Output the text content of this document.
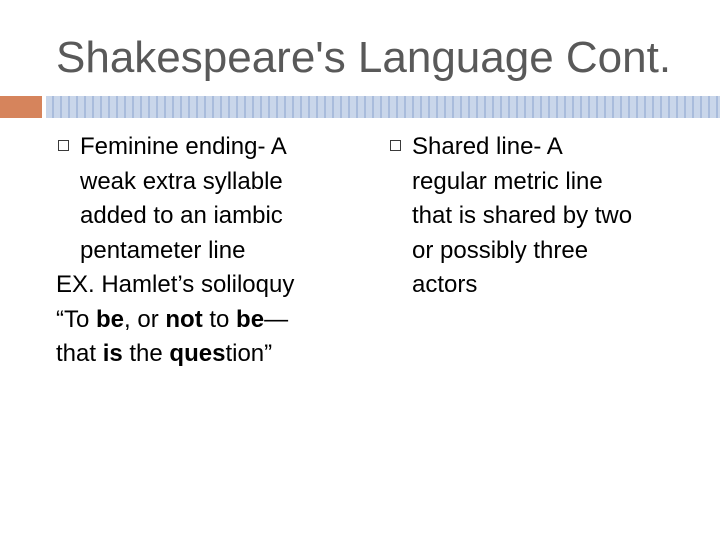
Shakespeare's Language Cont.
Feminine ending- A
weak extra syllable
added to an iambic
pentameter line
EX. Hamlet’s soliloquy
“To be, or not to be—
that is the question”
Shared line- A
regular metric line
that is shared by two
or possibly three
actors
